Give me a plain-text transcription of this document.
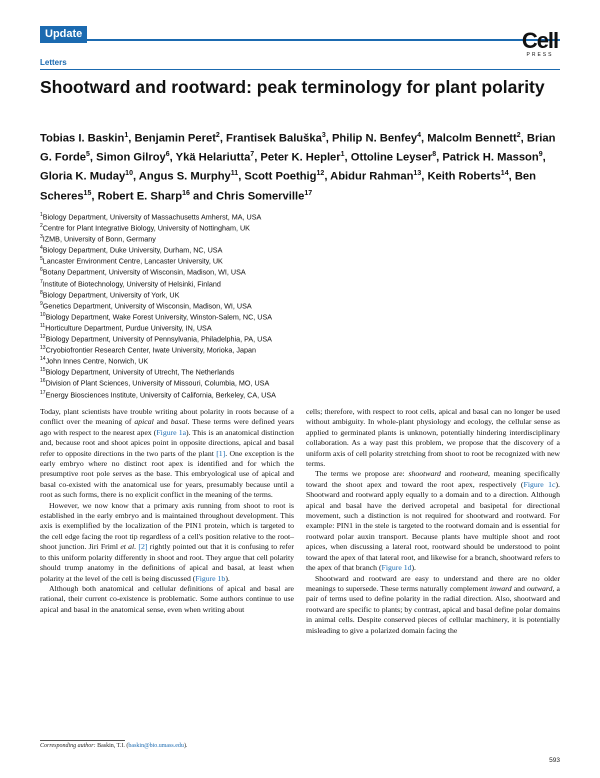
Update	Cell
PRESS
Letters
Shootward and rootward: peak terminology for plant polarity

Tobias I. Baskin$^1$, Benjamin Peret$^2$, Frantisek Baluška$^3$, Philip N. Benfey$^4$, Malcolm Bennett$^2$, Brian G. Forde$^5$, Simon Gilroy$^6$, Ykä Helariutta$^7$, Peter K. Hepler$^1$, Ottoline Leyser$^8$, Patrick H. Masson$^9$, Gloria K. Muday$^{10}$, Angus S. Murphy$^{11}$, Scott Poethig$^{12}$, Abidur Rahman$^{13}$, Keith Roberts$^{14}$, Ben Scheres$^{15}$, Robert E. Sharp$^{16}$ and Chris Somerville$^{17}$

$^1$Biology Department, University of Massachusetts Amherst, MA, USA
$^2$Centre for Plant Integrative Biology, University of Nottingham, UK
$^3$IZMB, University of Bonn, Germany
$^4$Biology Department, Duke University, Durham, NC, USA
$^5$Lancaster Environment Centre, Lancaster University, UK
$^6$Botany Department, University of Wisconsin, Madison, WI, USA
$^7$Institute of Biotechnology, University of Helsinki, Finland
$^8$Biology Department, University of York, UK
$^9$Genetics Department, University of Wisconsin, Madison, WI, USA
$^{10}$Biology Department, Wake Forest University, Winston-Salem, NC, USA
$^{11}$Horticulture Department, Purdue University, IN, USA
$^{12}$Biology Department, University of Pennsylvania, Philadelphia, PA, USA
$^{13}$Cryobiofrontier Research Center, Iwate University, Morioka, Japan
$^{14}$John Innes Centre, Norwich, UK
$^{15}$Biology Department, University of Utrecht, The Netherlands
$^{16}$Division of Plant Sciences, University of Missouri, Columbia, MO, USA
$^{17}$Energy Biosciences Institute, University of California, Berkeley, CA, USA

Today, plant scientists have trouble writing about polarity in roots because of a conflict over the meaning of apical and basal. These terms were defined years ago with respect to the nearest apex (Figure 1a). This is an anatomical distinction and, because root and shoot apices point in opposite directions, apical and basal refer to opposite directions in the two parts of the plant [1]. One exception is the early embryo where no distinct root apex is identified and for which the presumptive root pole serves as the base. This embryological use of apical and basal co-existed with the anatomical use for years, presumably because until a root as such forms, there is no explicit conflict in the meaning of the terms.

However, we now know that a primary axis running from shoot to root is established in the early embryo and is maintained throughout development. This axis is exemplified by the localization of the PIN1 protein, which is targeted to the cell edge facing the root tip regardless of a cell's position relative to the root–shoot junction. Jiri Friml et al. [2] rightly pointed out that it is confusing to refer to this uniform polarity differently in shoot and root. They argue that cell polarity should trump anatomy in the definitions of apical and basal, at least when polarity at the level of the cell is being discussed (Figure 1b).

Although both anatomical and cellular definitions of apical and basal are rational, their current co-existence is problematic. Some authors continue to use apical and basal in the anatomical sense, even when writing about

cells; therefore, with respect to root cells, apical and basal can no longer be used without ambiguity. In whole-plant physiology and ecology, the cellular sense as applied to germinated plants is unknown, potentially hindering interdisciplinary collaboration. As a way past this problem, we propose that the discovery of a uniform axis of cell polarity stretching from shoot to root be recognized with new terms.

The terms we propose are: shootward and rootward, meaning specifically toward the shoot apex and toward the root apex, respectively (Figure 1c). Shootward and rootward apply equally to a domain and to a direction. Although apical and basal have the derived acropetal and basipetal for directional movement, such a distinction is not required for shootward and rootward. For example: PIN1 in the stele is targeted to the rootward domain and is essential for rootward polar auxin transport. Because plants have multiple shoot and root apices, when discussing a lateral root, rootward should be understood to point toward the apex of that lateral root, and likewise for a branch, shootward refers to the apex of that branch (Figure 1d).

Shootward and rootward are easy to understand and there are no older meanings to supersede. These terms naturally complement inward and outward, a pair of terms used to define polarity in the radial direction. Also, shootward and rootward are specific to plants; by contrast, apical and basal define polar domains in animal cells. Despite conserved pieces of cellular machinery, it is potentially misleading to give a polarized domain facing the

Corresponding author: Baskin, T.I. (baskin@bio.umass.edu).
593
